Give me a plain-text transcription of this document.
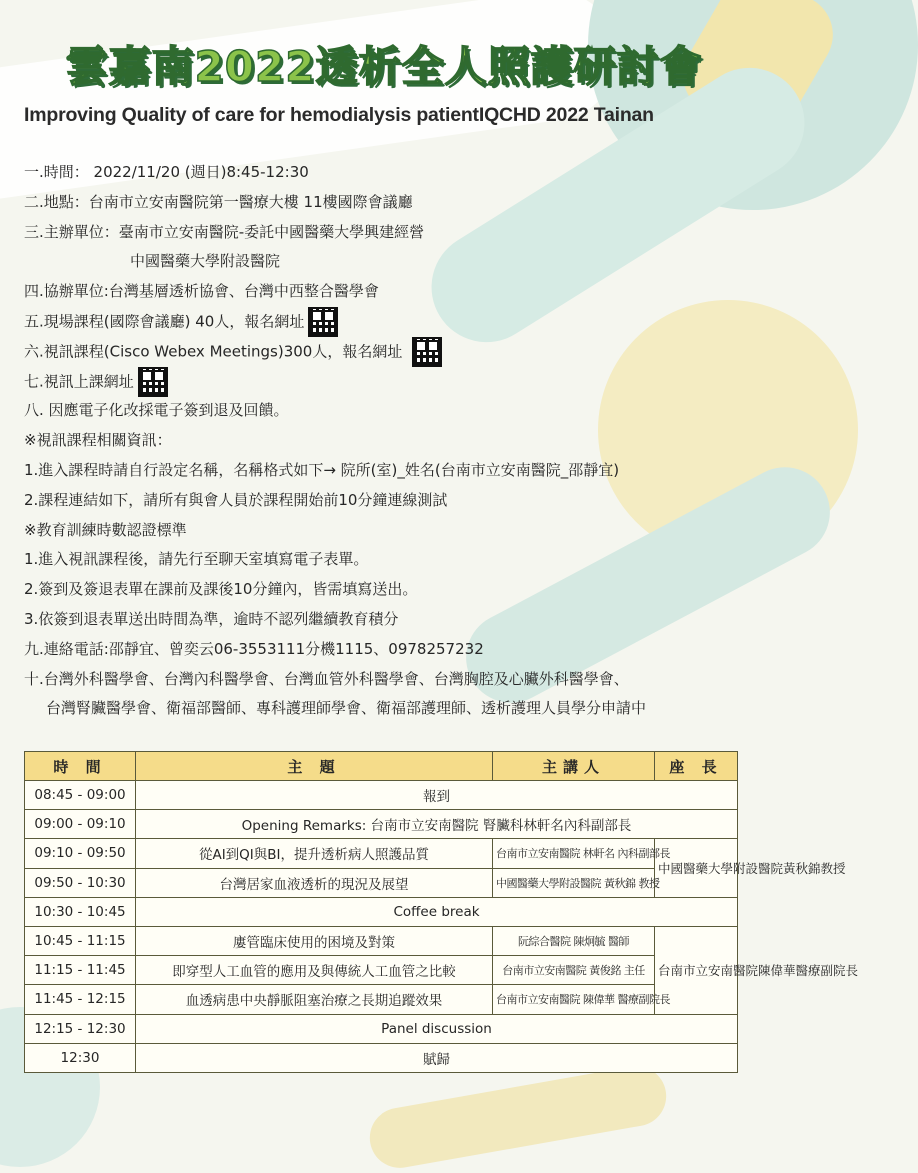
雲嘉南2022透析全人照護研討會
Improving Quality of care for hemodialysis patientIQCHD 2022 Tainan
一.時間： 2022/11/20 (週日)8:45-12:30
二.地點：台南市立安南醫院第一醫療大樓 11樓國際會議廳
三.主辦單位：臺南市立安南醫院-委託中國醫藥大學興建經營
中國醫藥大學附設醫院
四.協辦單位:台灣基層透析協會、台灣中西整合醫學會
五.現場課程(國際會議廳) 40人，報名網址
六.視訊課程(Cisco Webex Meetings)300人，報名網址
七.視訊上課網址
八. 因應電子化改採電子簽到退及回饋。
※視訊課程相關資訊：
1.進入課程時請自行設定名稱，名稱格式如下→ 院所(室)_姓名(台南市立安南醫院_邵靜宜)
2.課程連結如下，請所有與會人員於課程開始前10分鐘連線測試
※教育訓練時數認證標準
1.進入視訊課程後，請先行至聊天室填寫電子表單。
2.簽到及簽退表單在課前及課後10分鐘內，皆需填寫送出。
3.依簽到退表單送出時間為準，逾時不認列繼續教育積分
九.連絡電話:邵靜宜、曾奕云06-3553111分機1115、0978257232
十.台灣外科醫學會、台灣內科醫學會、台灣血管外科醫學會、台灣胸腔及心臟外科醫學會、
台灣腎臟醫學會、衛福部醫師、專科護理師學會、衛福部護理師、透析護理人員學分申請中
時 間	主 題	主講人	座 長
08:45 - 09:00	報到		
09:00 - 09:10	Opening Remarks: 台南市立安南醫院 腎臟科林軒名內科副部長		
09:10 - 09:50	從AI到QI與BI，提升透析病人照護品質	台南市立安南醫院 林軒名 內科副部長	中國醫藥大學附設醫院黃秋錦教授
09:50 - 10:30	台灣居家血液透析的現況及展望	中國醫藥大學附設醫院 黃秋錦 教授	
10:30 - 10:45	Coffee break		
10:45 - 11:15	廔管臨床使用的困境及對策	阮綜合醫院 陳炯毓 醫師	台南市立安南醫院陳偉華醫療副院長
11:15 - 11:45	即穿型人工血管的應用及與傳統人工血管之比較	台南市立安南醫院 黃俊銘 主任	
11:45 - 12:15	血透病患中央靜脈阻塞治療之長期追蹤效果	台南市立安南醫院 陳偉華 醫療副院長	
12:15 - 12:30	Panel discussion		
12:30	賦歸		
